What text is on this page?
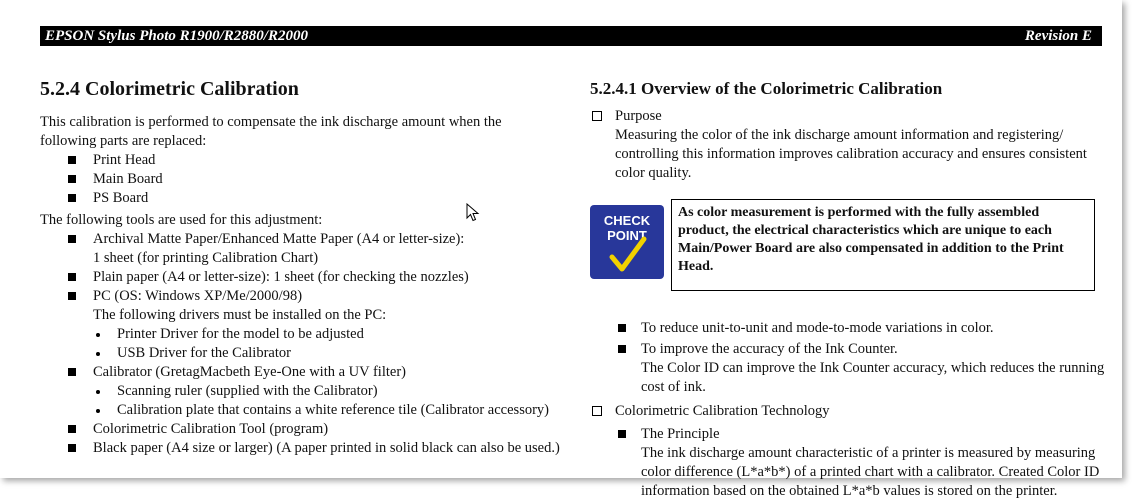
EPSON Stylus Photo R1900/R2880/R2000	Revision E
5.2.4 Colorimetric Calibration

This calibration is performed to compensate the ink discharge amount when the following parts are replaced:

Print Head
Main Board
PS Board

The following tools are used for this adjustment:

Archival Matte Paper/Enhanced Matte Paper (A4 or letter-size):
1 sheet (for printing Calibration Chart)
Plain paper (A4 or letter-size): 1 sheet (for checking the nozzles)
PC (OS: Windows XP/Me/2000/98)
The following drivers must be installed on the PC:
Printer Driver for the model to be adjusted
USB Driver for the Calibrator
Calibrator (GretagMacbeth Eye-One with a UV filter)
Scanning ruler (supplied with the Calibrator)
Calibration plate that contains a white reference tile (Calibrator accessory)
Colorimetric Calibration Tool (program)
Black paper (A4 size or larger) (A paper printed in solid black can also be used.)
5.2.4.1 Overview of the Colorimetric Calibration
Purpose
Measuring the color of the ink discharge amount information and registering/ controlling this information improves calibration accuracy and ensures consistent color quality.
CHECK
POINT
As color measurement is performed with the fully assembled product, the electrical characteristics which are unique to each Main/Power Board are also compensated in addition to the Print Head.
To reduce unit-to-unit and mode-to-mode variations in color.
To improve the accuracy of the Ink Counter.
The Color ID can improve the Ink Counter accuracy, which reduces the running cost of ink.
Colorimetric Calibration Technology
The Principle
The ink discharge amount characteristic of a printer is measured by measuring color difference (L*a*b*) of a printed chart with a calibrator. Created Color ID information based on the obtained L*a*b values is stored on the printer.
